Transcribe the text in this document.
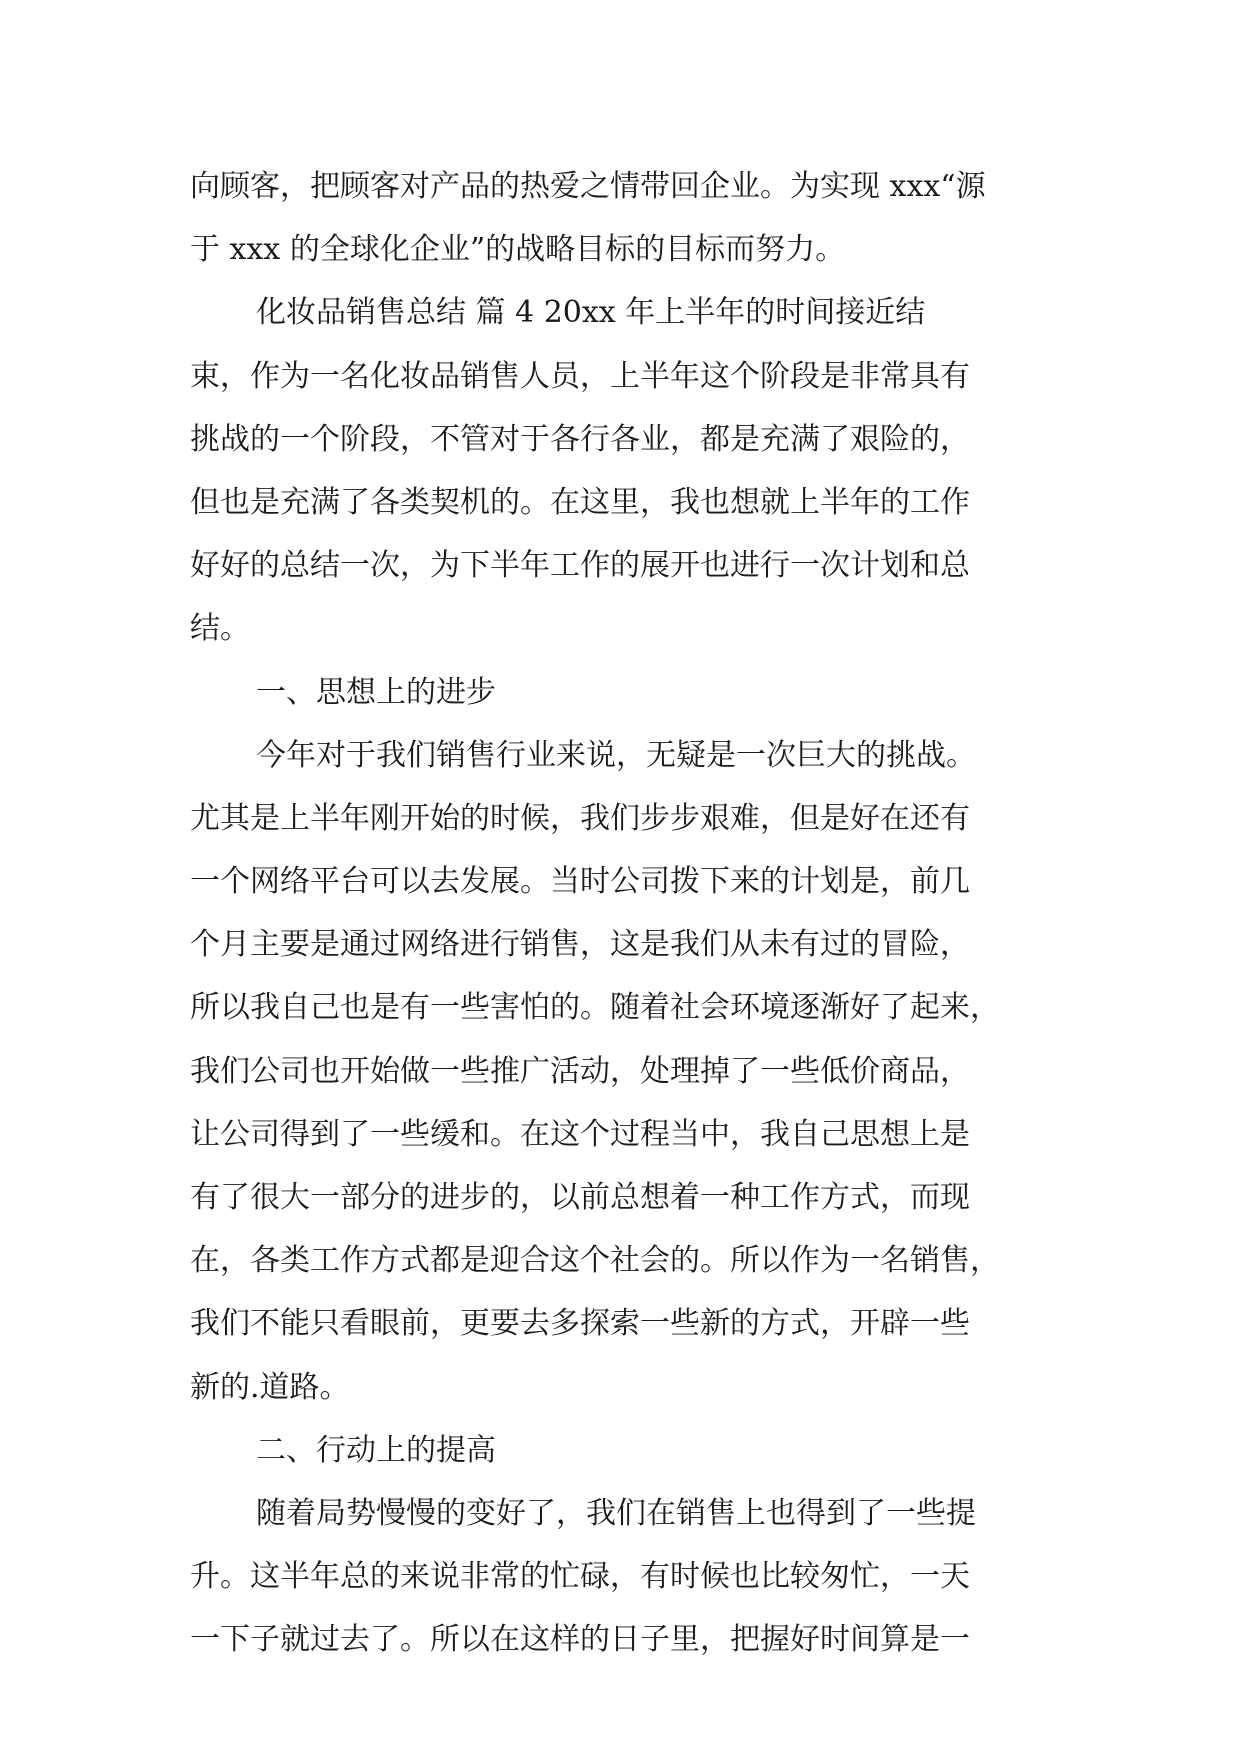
向顾客，把顾客对产品的热爱之情带回企业。为实现 xxx“源
于 xxx 的全球化企业”的战略目标的目标而努力。
化妆品销售总结 篇 4 20xx 年上半年的时间接近结
束，作为一名化妆品销售人员，上半年这个阶段是非常具有
挑战的一个阶段，不管对于各行各业，都是充满了艰险的，
但也是充满了各类契机的。在这里，我也想就上半年的工作
好好的总结一次，为下半年工作的展开也进行一次计划和总
结。
一、思想上的进步
今年对于我们销售行业来说，无疑是一次巨大的挑战。
尤其是上半年刚开始的时候，我们步步艰难，但是好在还有
一个网络平台可以去发展。当时公司拨下来的计划是，前几
个月主要是通过网络进行销售，这是我们从未有过的冒险，
所以我自己也是有一些害怕的。随着社会环境逐渐好了起来，
我们公司也开始做一些推广活动，处理掉了一些低价商品，
让公司得到了一些缓和。在这个过程当中，我自己思想上是
有了很大一部分的进步的，以前总想着一种工作方式，而现
在，各类工作方式都是迎合这个社会的。所以作为一名销售，
我们不能只看眼前，更要去多探索一些新的方式，开辟一些
新的.道路。
二、行动上的提高
随着局势慢慢的变好了，我们在销售上也得到了一些提
升。这半年总的来说非常的忙碌，有时候也比较匆忙，一天
一下子就过去了。所以在这样的日子里，把握好时间算是一
